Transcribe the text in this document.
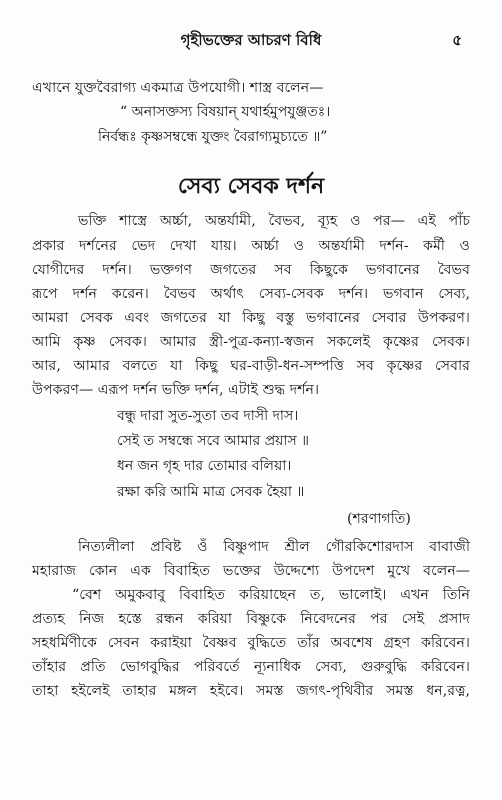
গৃহীভক্তের আচরণ বিধি	৫
এখানে যুক্তবৈরাগ্য একমাত্র উপযোগী। শাস্ত্র বলেন—
“ অনাসক্তস্য বিষয়ান্ যথার্হমুপযুঞ্জতঃ।
নির্বন্ধঃ কৃষ্ণসম্বন্ধে যুক্তং বৈরাগ্যমুচ্যতে ॥”
সেব্য সেবক দর্শন
ভক্তি শাস্ত্রে অর্চ্চা, অন্তর্যামী, বৈভব, ব্যূহ ও পর— এই পাঁচ
প্রকার দর্শনের ভেদ দেখা যায়। অর্চ্চা ও অন্তর্যামী দর্শন- কর্মী ও
যোগীদের দর্শন। ভক্তগণ জগতের সব কিছুকে ভগবানের বৈভব
রূপে দর্শন করেন। বৈভব অর্থাৎ সেব্য-সেবক দর্শন। ভগবান সেব্য,
আমরা সেবক এবং জগতের যা কিছু বস্তু ভগবানের সেবার উপকরণ।
আমি কৃষ্ণ সেবক। আমার স্ত্রী-পুত্র-কন্যা-স্বজন সকলেই কৃষ্ণের সেবক।
আর, আমার বলতে যা কিছু ঘর-বাড়ী-ধন-সম্পত্তি সব কৃষ্ণের সেবার
উপকরণ— এরূপ দর্শন ভক্তি দর্শন, এটাই শুদ্ধ দর্শন।
বন্ধু দারা সুত-সুতা তব দাসী দাস।
সেই ত সম্বন্ধে সবে আমার প্রয়াস ॥
ধন জন গৃহ দার তোমার বলিয়া।
রক্ষা করি আমি মাত্র সেবক হৈয়া ॥
(শরণাগতি)
নিত্যলীলা প্রবিষ্ট ওঁ বিষ্ণুপাদ শ্রীল গৌরকিশোরদাস বাবাজী
মহারাজ কোন এক বিবাহিত ভক্তের উদ্দেশ্যে উপদেশ মুখে বলেন—
“বেশ অমুকবাবু বিবাহিত করিয়াছেন ত, ভালোই। এখন তিনি
প্রত্যহ নিজ হস্তে রন্ধন করিয়া বিষ্ণুকে নিবেদনের পর সেই প্রসাদ
সহধর্মিণীকে সেবন করাইয়া বৈষ্ণব বুদ্ধিতে তাঁর অবশেষ গ্রহণ করিবেন।
তাঁহার প্রতি ভোগবুদ্ধির পরিবর্তে ন্যূনাধিক সেব্য, গুরুবুদ্ধি করিবেন।
তাহা হইলেই তাহার মঙ্গল হইবে। সমস্ত জগৎ-পৃথিবীর সমস্ত ধন,রত্ন,
